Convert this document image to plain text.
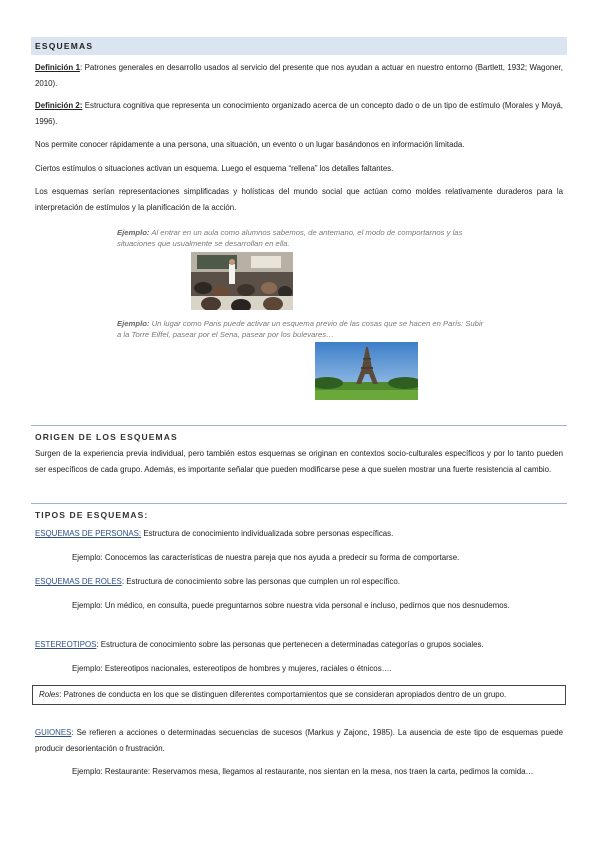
ESQUEMAS
Definición 1: Patrones generales en desarrollo usados al servicio del presente que nos ayudan a actuar en nuestro entorno (Bartlett, 1932; Wagoner, 2010).
Definición 2: Estructura cognitiva que representa un conocimiento organizado acerca de un concepto dado o de un tipo de estímulo (Morales y Moyá, 1996).
Nos permite conocer rápidamente a una persona, una situación, un evento o un lugar basándonos en información limitada.
Ciertos estímulos o situaciones activan un esquema. Luego el esquema “rellena” los detalles faltantes.
Los esquemas serían representaciones simplificadas y holísticas del mundo social que actúan como moldes relativamente duraderos para la interpretación de estímulos y la planificación de la acción.
Ejemplo: Al entrar en un aula como alumnos sabemos, de antemano, el modo de comportarnos y las situaciones que usualmente se desarrollan en ella.
Ejemplo: Un lugar como Paris puede activar un esquema previo de las cosas que se hacen en París: Subir a la Torre Eiffel, pasear por el Sena, pasear por los bulevares…
ORIGEN DE LOS ESQUEMAS
Surgen de la experiencia previa individual, pero también estos esquemas se originan en contextos socio-culturales específicos y por lo tanto pueden ser específicos de cada grupo. Además, es importante señalar que pueden modificarse pese a que suelen mostrar una fuerte resistencia al cambio.
TIPOS DE ESQUEMAS:
ESQUEMAS DE PERSONAS: Estructura de conocimiento individualizada sobre personas específicas.
Ejemplo: Conocemos las características de nuestra pareja que nos ayuda a predecir su forma de comportarse.
ESQUEMAS DE ROLES: Estructura de conocimiento sobre las personas que cumplen un rol específico.
Ejemplo: Un médico, en consulta, puede preguntarnos sobre nuestra vida personal e incluso, pedirnos que nos desnudemos.
ESTEREOTIPOS: Estructura de conocimiento sobre las personas que pertenecen a determinadas categorías o grupos sociales.
Ejemplo: Estereotipos nacionales, estereotipos de hombres y mujeres, raciales o étnicos….
Roles: Patrones de conducta en los que se distinguen diferentes comportamientos que se consideran apropiados dentro de un grupo.
GUIONES: Se refieren a acciones o determinadas secuencias de sucesos (Markus y Zajonc, 1985). La ausencia de este tipo de esquemas puede producir desorientación o frustración.
Ejemplo: Restaurante: Reservamos mesa, llegamos al restaurante, nos sientan en la mesa, nos traen la carta, pedimos la comida…
